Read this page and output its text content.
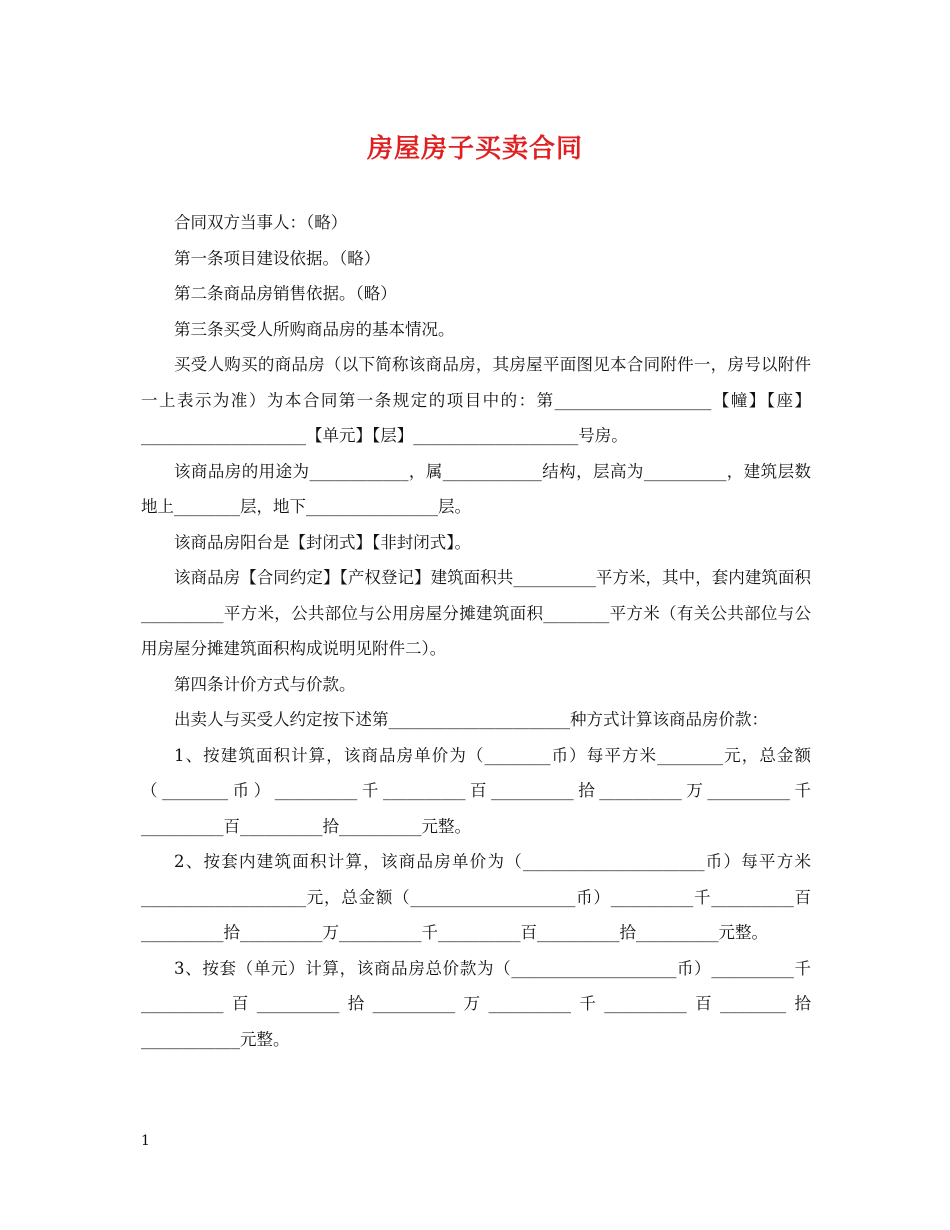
房屋房子买卖合同

合同双方当事人：（略）

第一条项目建设依据。（略）

第二条商品房销售依据。（略）

第三条买受人所购商品房的基本情况。

买受人购买的商品房（以下简称该商品房，其房屋平面图见本合同附件一，房号以附件一上表示为准）为本合同第一条规定的项目中的：第___________________【幢】【座】____________________【单元】【层】____________________号房。

该商品房的用途为____________，属____________结构，层高为__________，建筑层数地上________层，地下________________层。

该商品房阳台是【封闭式】【非封闭式】。

该商品房【合同约定】【产权登记】建筑面积共__________平方米，其中，套内建筑面积__________平方米，公共部位与公用房屋分摊建筑面积________平方米（有关公共部位与公用房屋分摊建筑面积构成说明见附件二）。

第四条计价方式与价款。

出卖人与买受人约定按下述第______________________种方式计算该商品房价款：

1、按建筑面积计算，该商品房单价为（________币）每平方米________元，总金额（________币）__________千__________百__________拾__________万__________千__________百__________拾__________元整。

2、按套内建筑面积计算，该商品房单价为（______________________币）每平方米____________________元，总金额（____________________币）__________千__________百__________拾__________万__________千__________百__________拾__________元整。

3、按套（单元）计算，该商品房总价款为（____________________币）__________千__________百__________拾__________万__________千__________百________拾____________元整。

1
